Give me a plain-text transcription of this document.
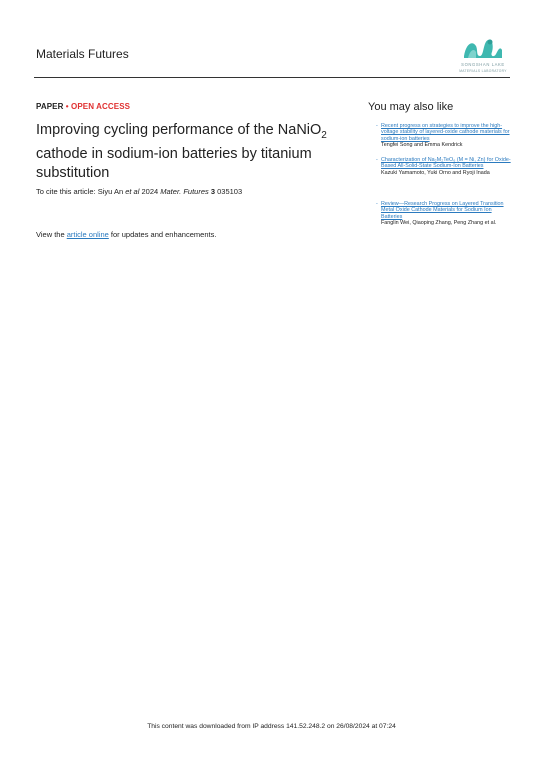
Materials Futures
SONGSHAN LAKE
MATERIALS LABORATORY
PAPER • OPEN ACCESS
Improving cycling performance of the NaNiO$_2$ cathode in sodium-ion batteries by titanium substitution
To cite this article: Siyu An et al 2024 Mater. Futures 3 035103
View the article online for updates and enhancements.
You may also like
- Recent progress on strategies to improve the high-voltage stability of layered-oxide cathode materials for sodium-ion batteries
Tengfei Song and Emma Kendrick
- Characterization of Na₂M₂TeO₆ (M = Ni, Zn) for Oxide-Based All-Solid-State Sodium-Ion Batteries
Kazuki Yamamoto, Yuki Orno and Ryoji Inada
- Review—Research Progress on Layered Transition Metal Oxide Cathode Materials for Sodium Ion Batteries
Fanglin Wei, Qiaoping Zhang, Peng Zhang et al.
This content was downloaded from IP address 141.52.248.2 on 26/08/2024 at 07:24
